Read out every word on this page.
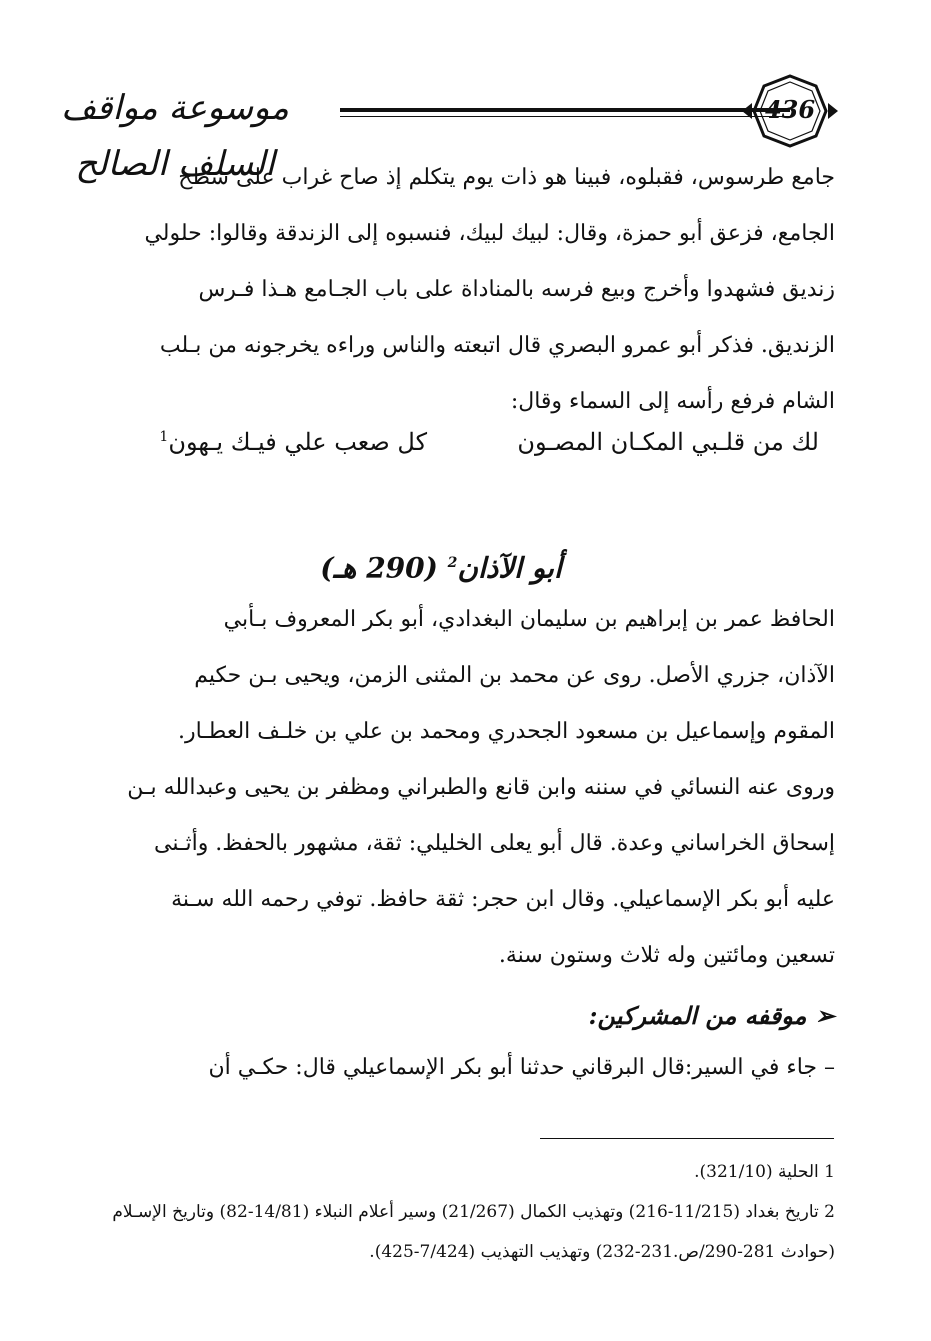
موسوعة مواقف السلف الصالح
436
جامع طرسوس، فقبلوه، فبينا هو ذات يوم يتكلم إذ صاح غراب على سطح
الجامع، فزعق أبو حمزة، وقال: لبيك لبيك، فنسبوه إلى الزندقة وقالوا: حلولي
زنديق فشهدوا وأخرج وبيع فرسه بالمناداة على باب الجـامع هـذا فـرس
الزنديق. فذكر أبو عمرو البصري قال اتبعته والناس وراءه يخرجونه من بـلب
الشام فرفع رأسه إلى السماء وقال:
لك من قلـبي المكـان المصـون
كل صعب علي فيـك يـهون$^1$
أبو الآذان$^2$ (290 هـ)
الحافظ عمر بن إبراهيم بن سليمان البغدادي، أبو بكر المعروف بـأبي
الآذان، جزري الأصل. روى عن محمد بن المثنى الزمن، ويحيى بـن حكيم
المقوم وإسماعيل بن مسعود الجحدري ومحمد بن علي بن خلـف العطـار.
وروى عنه النسائي في سننه وابن قانع والطبراني ومظفر بن يحيى وعبدالله بـن
إسحاق الخراساني وعدة. قال أبو يعلى الخليلي: ثقة، مشهور بالحفظ. وأثـنى
عليه أبو بكر الإسماعيلي. وقال ابن حجر: ثقة حافظ. توفي رحمه الله سـنة
تسعين ومائتين وله ثلاث وستون سنة.
➢ موقفه من المشركين:
– جاء في السير:قال البرقاني حدثنا أبو بكر الإسماعيلي قال: حكـي أن
1 الحلية (321/10).
2 تاريخ بغداد (11/215-216) وتهذيب الكمال (21/267) وسير أعلام النبلاء (14/81-82) وتاريخ الإسـلام
(حوادث 281-290/ص.231-232) وتهذيب التهذيب (7/424-425).
